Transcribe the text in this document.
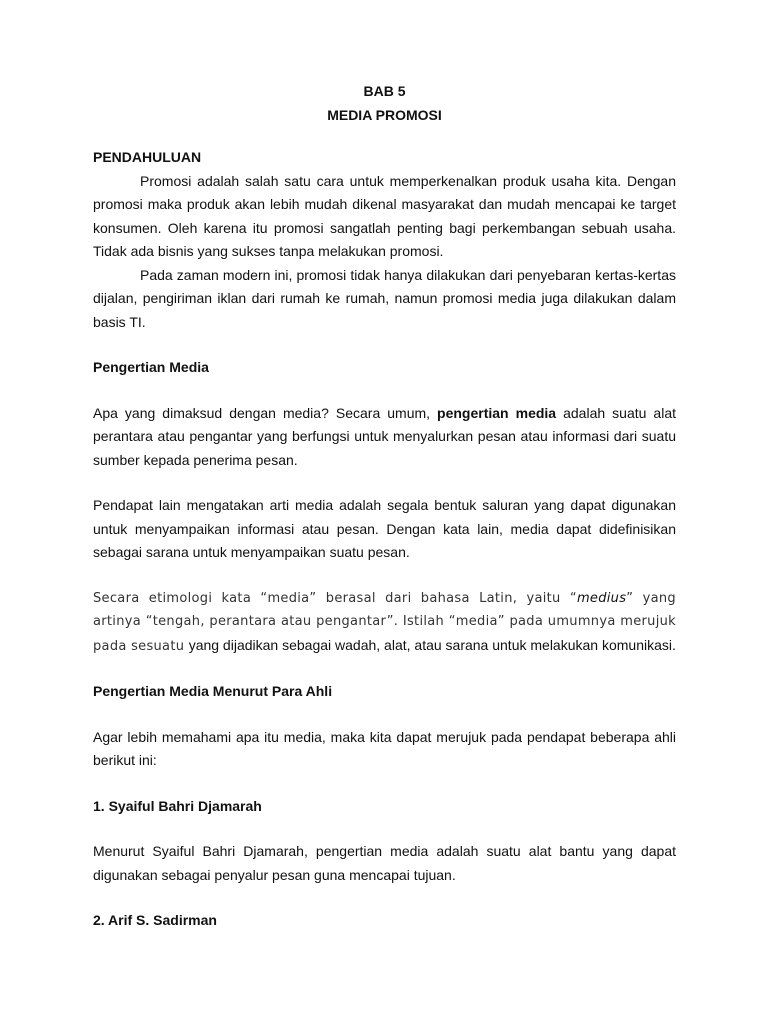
BAB 5
MEDIA PROMOSI
PENDAHULUAN

Promosi adalah salah satu cara untuk memperkenalkan produk usaha kita. Dengan promosi maka produk akan lebih mudah dikenal masyarakat dan mudah mencapai ke target konsumen. Oleh karena itu promosi sangatlah penting bagi perkembangan sebuah usaha. Tidak ada bisnis yang sukses tanpa melakukan promosi.

Pada zaman modern ini, promosi tidak hanya dilakukan dari penyebaran kertas-kertas dijalan, pengiriman iklan dari rumah ke rumah, namun promosi media juga dilakukan dalam basis TI.

Pengertian Media

Apa yang dimaksud dengan media? Secara umum, pengertian media adalah suatu alat perantara atau pengantar yang berfungsi untuk menyalurkan pesan atau informasi dari suatu sumber kepada penerima pesan.

Pendapat lain mengatakan arti media adalah segala bentuk saluran yang dapat digunakan untuk menyampaikan informasi atau pesan. Dengan kata lain, media dapat didefinisikan sebagai sarana untuk menyampaikan suatu pesan.

Secara etimologi kata “media” berasal dari bahasa Latin, yaitu “medius” yang artinya “tengah, perantara atau pengantar”. Istilah “media” pada umumnya merujuk pada sesuatu yang dijadikan sebagai wadah, alat, atau sarana untuk melakukan komunikasi.

Pengertian Media Menurut Para Ahli

Agar lebih memahami apa itu media, maka kita dapat merujuk pada pendapat beberapa ahli berikut ini:

1. Syaiful Bahri Djamarah

Menurut Syaiful Bahri Djamarah, pengertian media adalah suatu alat bantu yang dapat digunakan sebagai penyalur pesan guna mencapai tujuan.

2. Arif S. Sadirman
